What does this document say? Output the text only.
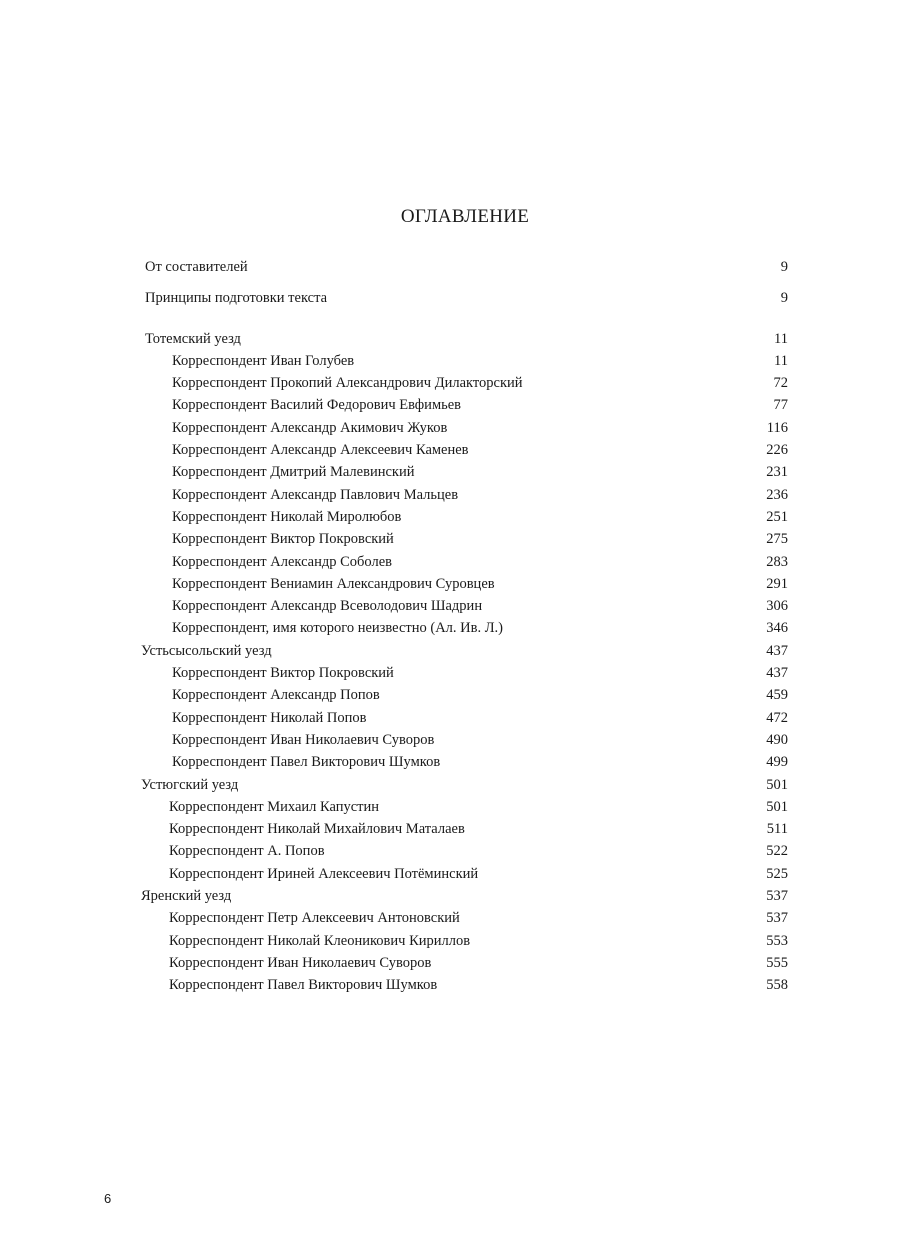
ОГЛАВЛЕНИЕ
От составителей	9
Принципы подготовки текста	9
Тотемский уезд	11
Корреспондент Иван Голубев	11
Корреспондент Прокопий Александрович Дилакторский	72
Корреспондент Василий Федорович Евфимьев	77
Корреспондент Александр Акимович Жуков	116
Корреспондент Александр Алексеевич Каменев	226
Корреспондент Дмитрий Малевинский	231
Корреспондент Александр Павлович Мальцев	236
Корреспондент Николай Миролюбов	251
Корреспондент Виктор Покровский	275
Корреспондент Александр Соболев	283
Корреспондент Вениамин Александрович Суровцев	291
Корреспондент Александр Всеволодович Шадрин	306
Корреспондент, имя которого неизвестно (Ал. Ив. Л.)	346
Устьсысольский уезд	437
Корреспондент Виктор Покровский	437
Корреспондент Александр Попов	459
Корреспондент Николай Попов	472
Корреспондент Иван Николаевич Суворов	490
Корреспондент Павел Викторович Шумков	499
Устюгский уезд	501
Корреспондент Михаил Капустин	501
Корреспондент Николай Михайлович Маталаев	511
Корреспондент А. Попов	522
Корреспондент Ириней Алексеевич Потёминский	525
Яренский уезд	537
Корреспондент Петр Алексеевич Антоновский	537
Корреспондент Николай Клеоникович Кириллов	553
Корреспондент Иван Николаевич Суворов	555
Корреспондент Павел Викторович Шумков	558
6
